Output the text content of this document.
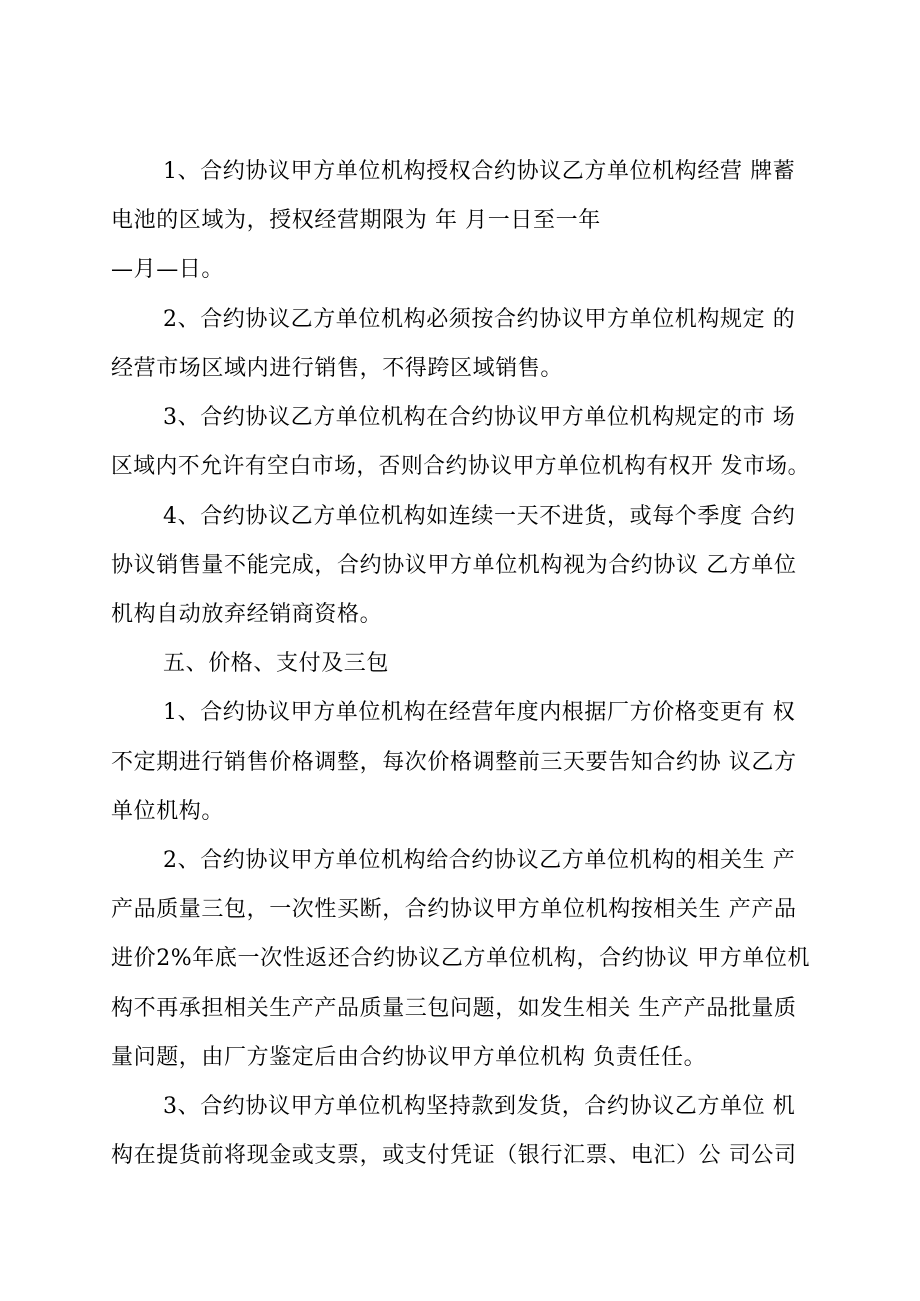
1、合约协议甲方单位机构授权合约协议乙方单位机构经营 牌蓄
电池的区域为，授权经营期限为 年 月一日至一年
—月—日。
2、合约协议乙方单位机构必须按合约协议甲方单位机构规定 的
经营市场区域内进行销售，不得跨区域销售。
3、合约协议乙方单位机构在合约协议甲方单位机构规定的市 场
区域内不允许有空白市场，否则合约协议甲方单位机构有权开 发市场。
4、合约协议乙方单位机构如连续一天不进货，或每个季度 合约
协议销售量不能完成，合约协议甲方单位机构视为合约协议 乙方单位
机构自动放弃经销商资格。
五、价格、支付及三包
1、合约协议甲方单位机构在经营年度内根据厂方价格变更有 权
不定期进行销售价格调整，每次价格调整前三天要告知合约协 议乙方
单位机构。
2、合约协议甲方单位机构给合约协议乙方单位机构的相关生 产
产品质量三包，一次性买断，合约协议甲方单位机构按相关生 产产品
进价2%年底一次性返还合约协议乙方单位机构，合约协议 甲方单位机
构不再承担相关生产产品质量三包问题，如发生相关 生产产品批量质
量问题，由厂方鉴定后由合约协议甲方单位机构 负责任任。
3、合约协议甲方单位机构坚持款到发货，合约协议乙方单位 机
构在提货前将现金或支票，或支付凭证（银行汇票、电汇）公 司公司
